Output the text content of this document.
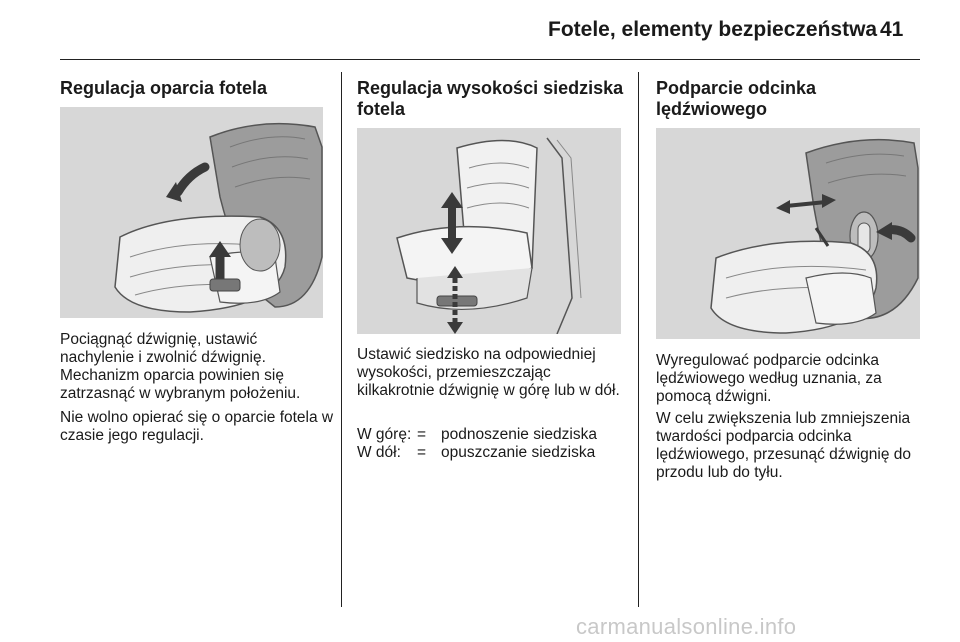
Fotele, elementy bezpieczeństwa 41
Regulacja oparcia fotela

Pociągnąć dźwignię, ustawić nachylenie i zwolnić dźwignię. Mechanizm oparcia powinien się zatrzasnąć w wybranym położeniu.

Nie wolno opierać się o oparcie fotela w czasie jego regulacji.

Regulacja wysokości siedziska fotela

Ustawić siedzisko na odpowiedniej wysokości, przemieszczając kilkakrotnie dźwignię w górę lub w dół.

W górę:	=	podnoszenie siedziska
W dół:	=	opuszczanie siedziska
Podparcie odcinka lędźwiowego

Wyregulować podparcie odcinka lędźwiowego według uznania, za pomocą dźwigni.

W celu zwiększenia lub zmniejszenia twardości podparcia odcinka lędźwiowego, przesunąć dźwignię do przodu lub do tyłu.

carmanualsonline.info
